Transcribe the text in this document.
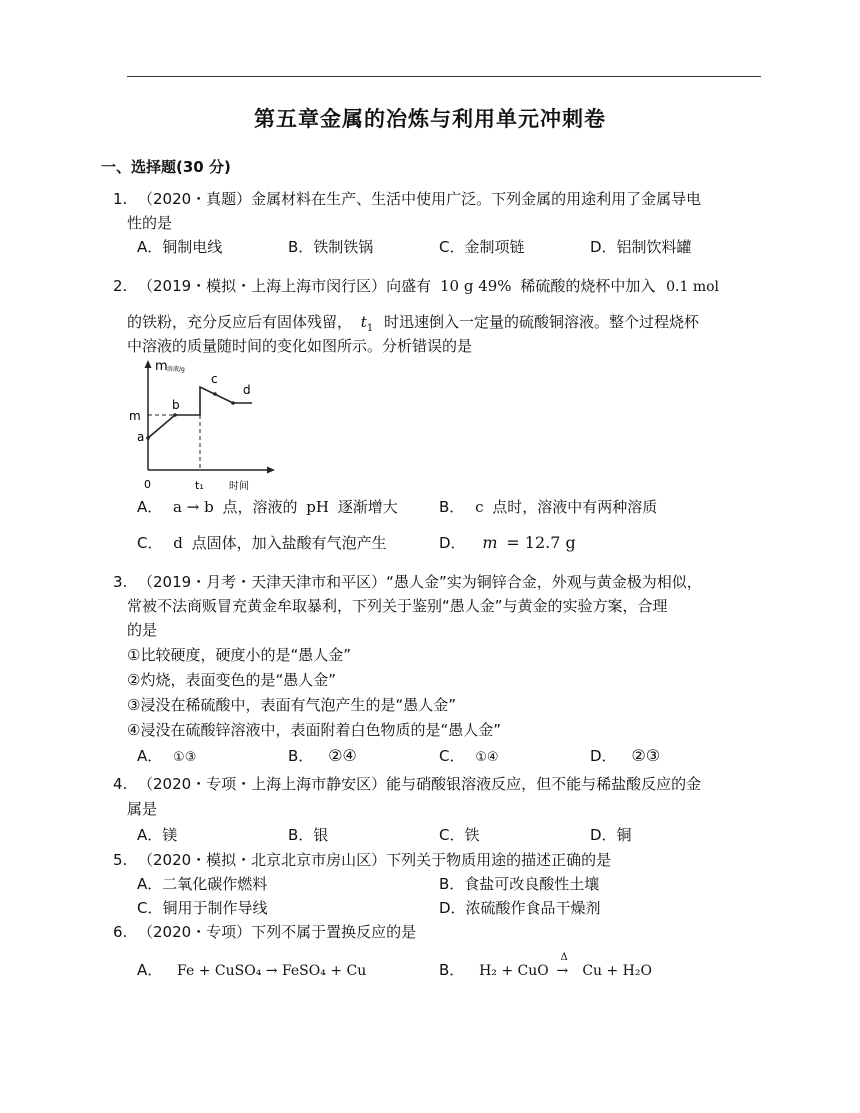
第五章金属的冶炼与利用单元冲刺卷
一、选择题(30 分)
1. （2020・真题）金属材料在生产、生活中使用广泛。下列金属的用途利用了金属导电
性的是
A．铜制电线	B．铁制铁锅	C．金制项链	D．铝制饮料罐
2. （2019・模拟・上海上海市闵行区）向盛有 10 g 49% 稀硫酸的烧杯中加入 0.1 mol
的铁粉，充分反应后有固体残留， $t_1$ 时迅速倒入一定量的硫酸铜溶液。整个过程烧杯
中溶液的质量随时间的变化如图所示。分析错误的是
m 溶液/g
m
a
b
c
d
0	t₁	时间
A． a → b 点，溶液的 pH 逐渐增大	B． c 点时，溶液中有两种溶质
C． d 点固体，加入盐酸有气泡产生	D． m = 12.7 g
3. （2019・月考・天津天津市和平区）“愚人金”实为铜锌合金，外观与黄金极为相似，
常被不法商贩冒充黄金牟取暴利，下列关于鉴别“愚人金”与黄金的实验方案，合理
的是
①比较硬度，硬度小的是“愚人金”
②灼烧，表面变色的是“愚人金”
③浸没在稀硫酸中，表面有气泡产生的是“愚人金”
④浸没在硫酸锌溶液中，表面附着白色物质的是“愚人金”
A． ①③	B． ②④	C． ①④	D． ②③
4. （2020・专项・上海上海市静安区）能与硝酸银溶液反应，但不能与稀盐酸反应的金
属是
A．镁	B．银	C．铁	D．铜
5. （2020・模拟・北京北京市房山区）下列关于物质用途的描述正确的是
A．二氧化碳作燃料	B．食盐可改良酸性土壤
C．铜用于制作导线	D．浓硫酸作食品干燥剂
6. （2020・专项）下列不属于置换反应的是
A． Fe + CuSO₄ → FeSO₄ + Cu	B． H₂ + CuO
Δ
→ Cu + H₂O
